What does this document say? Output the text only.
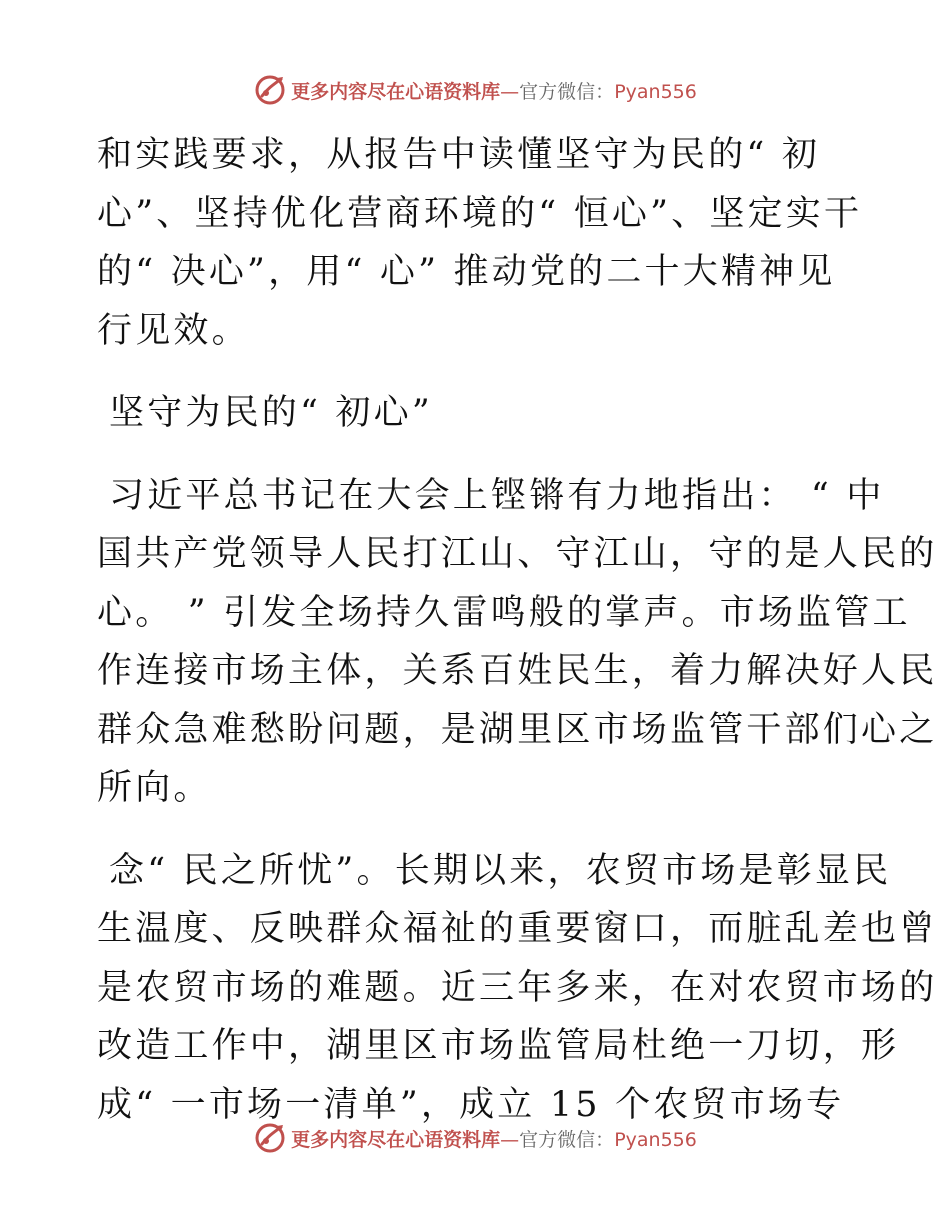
更多内容尽在心语资料库—官方微信：Pyan556
和实践要求，从报告中读懂坚守为民的“ 初
心”、坚持优化营商环境的“ 恒心”、坚定实干
的“ 决心”，用“ 心” 推动党的二十大精神见
行见效。
坚守为民的“ 初心”
习近平总书记在大会上铿锵有力地指出： “ 中
国共产党领导人民打江山、守江山，守的是人民的
心。 ” 引发全场持久雷鸣般的掌声。市场监管工
作连接市场主体，关系百姓民生，着力解决好人民
群众急难愁盼问题，是湖里区市场监管干部们心之
所向。
念“ 民之所忧”。长期以来，农贸市场是彰显民
生温度、反映群众福祉的重要窗口，而脏乱差也曾
是农贸市场的难题。近三年多来，在对农贸市场的
改造工作中，湖里区市场监管局杜绝一刀切，形
成“ 一市场一清单”，成立 15 个农贸市场专
更多内容尽在心语资料库—官方微信：Pyan556
